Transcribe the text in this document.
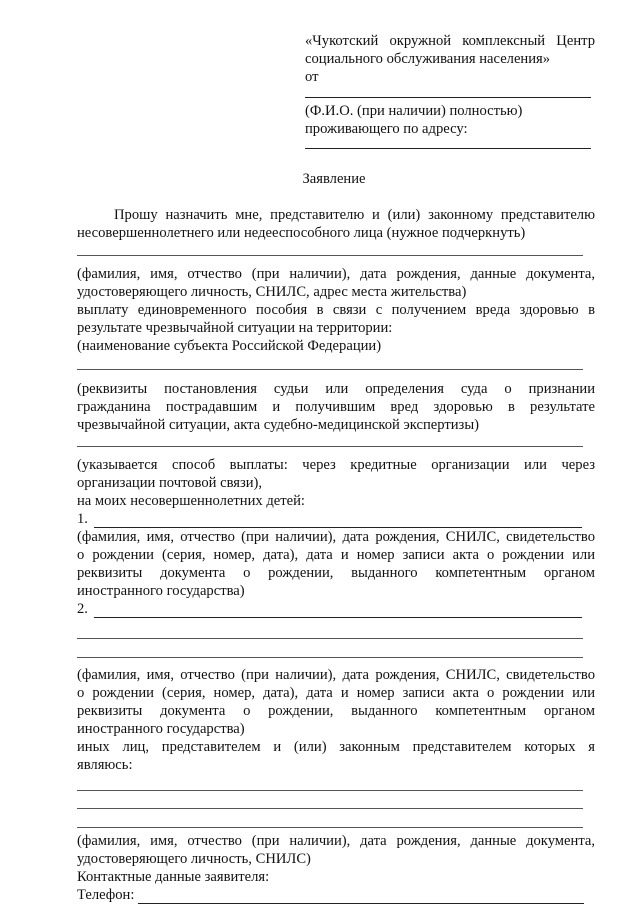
«Чукотский окружной комплексный Центр

социального обслуживания населения»

от

(Ф.И.О. (при наличии) полностью)

проживающего по адресу:

Заявление

Прошу назначить мне, представителю и (или) законному представителю

несовершеннолетнего или недееспособного лица (нужное подчеркнуть)

(фамилия, имя, отчество (при наличии), дата рождения, данные документа,

удостоверяющего личность, СНИЛС, адрес места жительства)

выплату единовременного пособия в связи с получением вреда здоровью в

результате чрезвычайной ситуации на территории:

(наименование субъекта Российской Федерации)

(реквизиты постановления судьи или определения суда о признании

гражданина пострадавшим и получившим вред здоровью в результате

чрезвычайной ситуации, акта судебно-медицинской экспертизы)

(указывается способ выплаты: через кредитные организации или через

организации почтовой связи),

на моих несовершеннолетних детей:

1.

(фамилия, имя, отчество (при наличии), дата рождения, СНИЛС, свидетельство

о рождении (серия, номер, дата), дата и номер записи акта о рождении или

реквизиты документа о рождении, выданного компетентным органом

иностранного государства)

2.

(фамилия, имя, отчество (при наличии), дата рождения, СНИЛС, свидетельство

о рождении (серия, номер, дата), дата и номер записи акта о рождении или

реквизиты документа о рождении, выданного компетентным органом

иностранного государства)

иных лиц, представителем и (или) законным представителем которых я

являюсь:

(фамилия, имя, отчество (при наличии), дата рождения, данные документа,

удостоверяющего личность, СНИЛС)

Контактные данные заявителя:

Телефон:
